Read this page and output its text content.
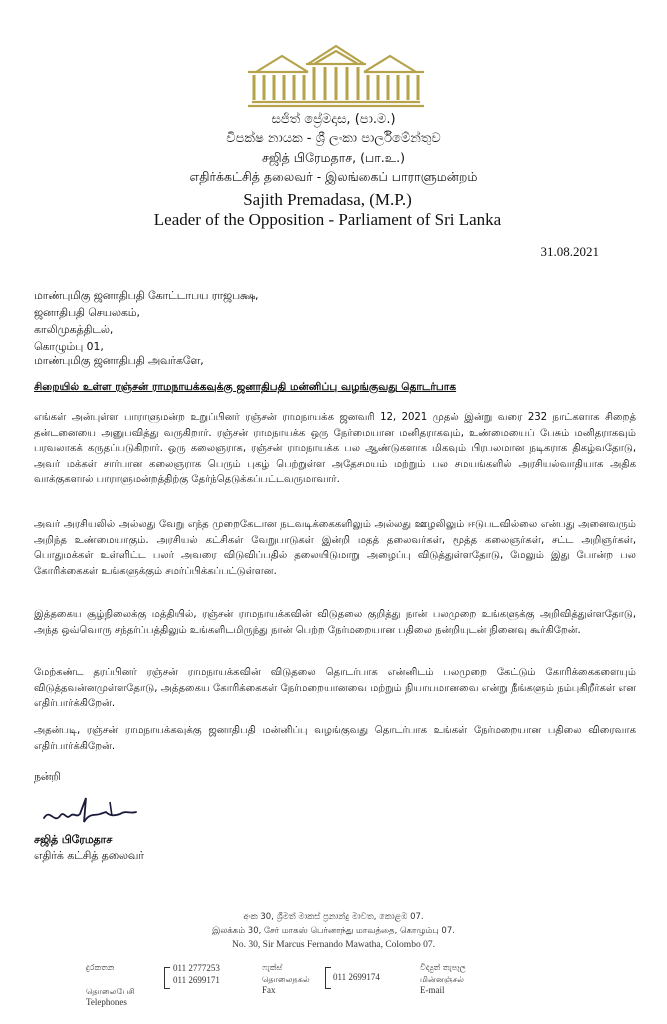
සජිත් ප්‍රේමදාස, (පා.ම.)
විපක්ෂ නායක - ශ්‍රී ලංකා පාර්ලිමේන්තුව
சஜித் பிரேமதாச, (பா.உ.)
எதிர்க்கட்சித் தலைவர் - இலங்கைப் பாராளுமன்றம்
Sajith Premadasa, (M.P.)
Leader of the Opposition - Parliament of Sri Lanka
31.08.2021
மாண்புமிகு ஜனாதிபதி கோட்டாபய ராஜபக்ஷ,
ஜனாதிபதி செயலகம்,
காலிமுகத்திடல்,
கொழும்பு 01,
மாண்புமிகு ஜனாதிபதி அவர்களே,
சிறையில் உள்ள ரஞ்சன் ராமநாயக்கவுக்கு ஜனாதிபதி மன்னிப்பு வழங்குவது தொடர்பாக

எங்கள் அன்புள்ள பாராளுமன்ற உறுப்பினர் ரஞ்சன் ராமநாயக்க ஜனவரி 12, 2021 முதல் இன்று வரை 232 நாட்களாக சிறைத் தன்டனையை அனுபவித்து வருகிறார். ரஞ்சன் ராமநாயக்க ஒரு நேர்மையான மனிதராகவும், உண்மையைப் பேசும் மனிதராகவும் பரவலாகக் கருதப்படுகிறார். ஒரு கலைஞராக, ரஞ்சன் ராமநாயக்க பல ஆண்டுகளாக மிகவும் பிரபலமான நடிகராக திகழ்வதோடு, அவர் மக்கள் சார்பான கலைஞராக பெரும் புகழ் பெற்றுள்ள அதேசமயம் மற்றும் பல சமயங்களில் அரசியல்வாதியாக அதிக வாக்குகளால் பாராளுமன்றத்திற்கு தேர்ந்தெடுக்கப்பட்டவருமாவார்.

அவர் அரசியலில் அல்லது வேறு எந்த முறைகேடான நடவடிக்கைகளிலும் அல்லது ஊழலிலும் ஈடுபடவில்லை என்பது அனைவரும் அறிந்த உண்மையாகும். அரசியல் கட்சிகள் வேறுபாடுகள் இன்றி மதத் தலைவர்கள், மூத்த கலைஞர்கள், சட்ட அறிஞர்கள், பொதுமக்கள் உள்ளிட்ட பலர் அவரை விடுவிப்பதில் தலையிடுமாறு அழைப்பு விடுத்துள்ளதோடு, மேலும் இது போன்ற பல கோரிக்கைகள் உங்களுக்கும் சமர்ப்பிக்கப்பட்டுள்ளன.

இத்தகைய சூழ்நிலைக்கு மத்தியில், ரஞ்சன் ராமநாயக்கவின் விடுதலை குறித்து நான் பலமுறை உங்களுக்கு அறிவித்துள்ளதோடு, அந்த ஒவ்வொரு சந்தர்ப்பத்திலும் உங்களிடமிருந்து நான் பெற்ற நேர்மறையான பதிலை நன்றியுடன் நினைவு கூர்கிறேன்.

மேற்கண்ட தரப்பினர் ரஞ்சன் ராமநாயக்கவின் விடுதலை தொடர்பாக என்னிடம் பலமுறை கேட்டும் கோரிக்கைகளையும் விடுத்தவன்னமுள்ளதோடு, அத்தகைய கோரிக்கைகள் நேர்மறையானவை மற்றும் நியாயமானவை என்று நீங்களும் நம்புகிறீர்கள் என எதிர்பார்க்கிறேன்.

அதன்படி, ரஞ்சன் ராமநாயக்கவுக்கு ஜனாதிபதி மன்னிப்பு வழங்குவது தொடர்பாக உங்கள் நேர்மறையான பதிலை விரைவாக எதிர்பார்க்கிறேன்.

நன்றி
சஜித் பிரேமதாச
எதிர்க் கட்சித் தலைவர்
අංක 30, ශ්‍රීමත් මාකස් ප්‍රනාන්දු මාවත, කොළඹ 07.
இலக்கம் 30, சேர் மாகஸ் பெர்னாந்து மாவத்தை, கொழும்பு 07.
No. 30, Sir Marcus Fernando Mawatha, Colombo 07.
දුරකතන
தொலைபேசி
Telephones
011 2777253
011 2699171
ෆැක්ස්
தொலைநகல்
Fax
011 2699174
විද්‍යුත් තැපෑල
மின்னஞ்சல்
E-mail
